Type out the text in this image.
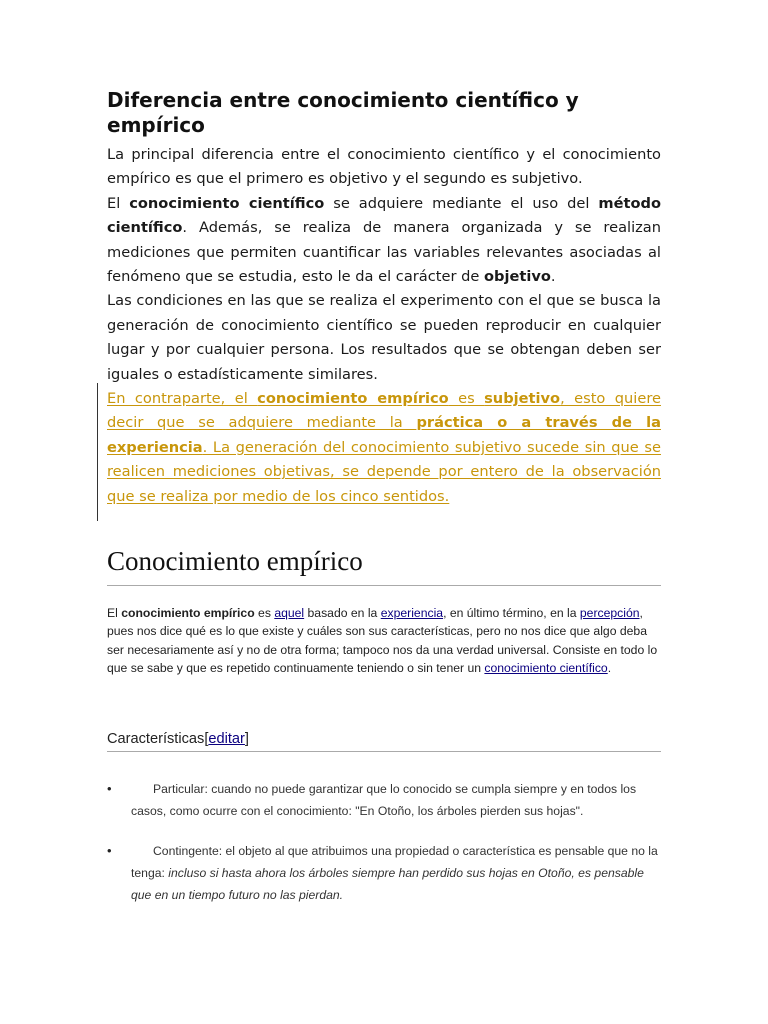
Diferencia entre conocimiento científico y empírico

La principal diferencia entre el conocimiento científico y el conocimiento empírico es que el primero es objetivo y el segundo es subjetivo.

El conocimiento científico se adquiere mediante el uso del método científico. Además, se realiza de manera organizada y se realizan mediciones que permiten cuantificar las variables relevantes asociadas al fenómeno que se estudia, esto le da el carácter de objetivo.

Las condiciones en las que se realiza el experimento con el que se busca la generación de conocimiento científico se pueden reproducir en cualquier lugar y por cualquier persona. Los resultados que se obtengan deben ser iguales o estadísticamente similares.

En contraparte, el conocimiento empírico es subjetivo, esto quiere decir que se adquiere mediante la práctica o a través de la experiencia. La generación del conocimiento subjetivo sucede sin que se realicen mediciones objetivas, se depende por entero de la observación que se realiza por medio de los cinco sentidos.

Conocimiento empírico

El conocimiento empírico es aquel basado en la experiencia, en último término, en la percepción, pues nos dice qué es lo que existe y cuáles son sus características, pero no nos dice que algo deba ser necesariamente así y no de otra forma; tampoco nos da una verdad universal. Consiste en todo lo que se sabe y que es repetido continuamente teniendo o sin tener un conocimiento científico.

Características[editar]

•	Particular: cuando no puede garantizar que lo conocido se cumpla siempre y en todos los casos, como ocurre con el conocimiento: "En Otoño, los árboles pierden sus hojas".

•	Contingente: el objeto al que atribuimos una propiedad o característica es pensable que no la tenga: incluso si hasta ahora los árboles siempre han perdido sus hojas en Otoño, es pensable que en un tiempo futuro no las pierdan.
